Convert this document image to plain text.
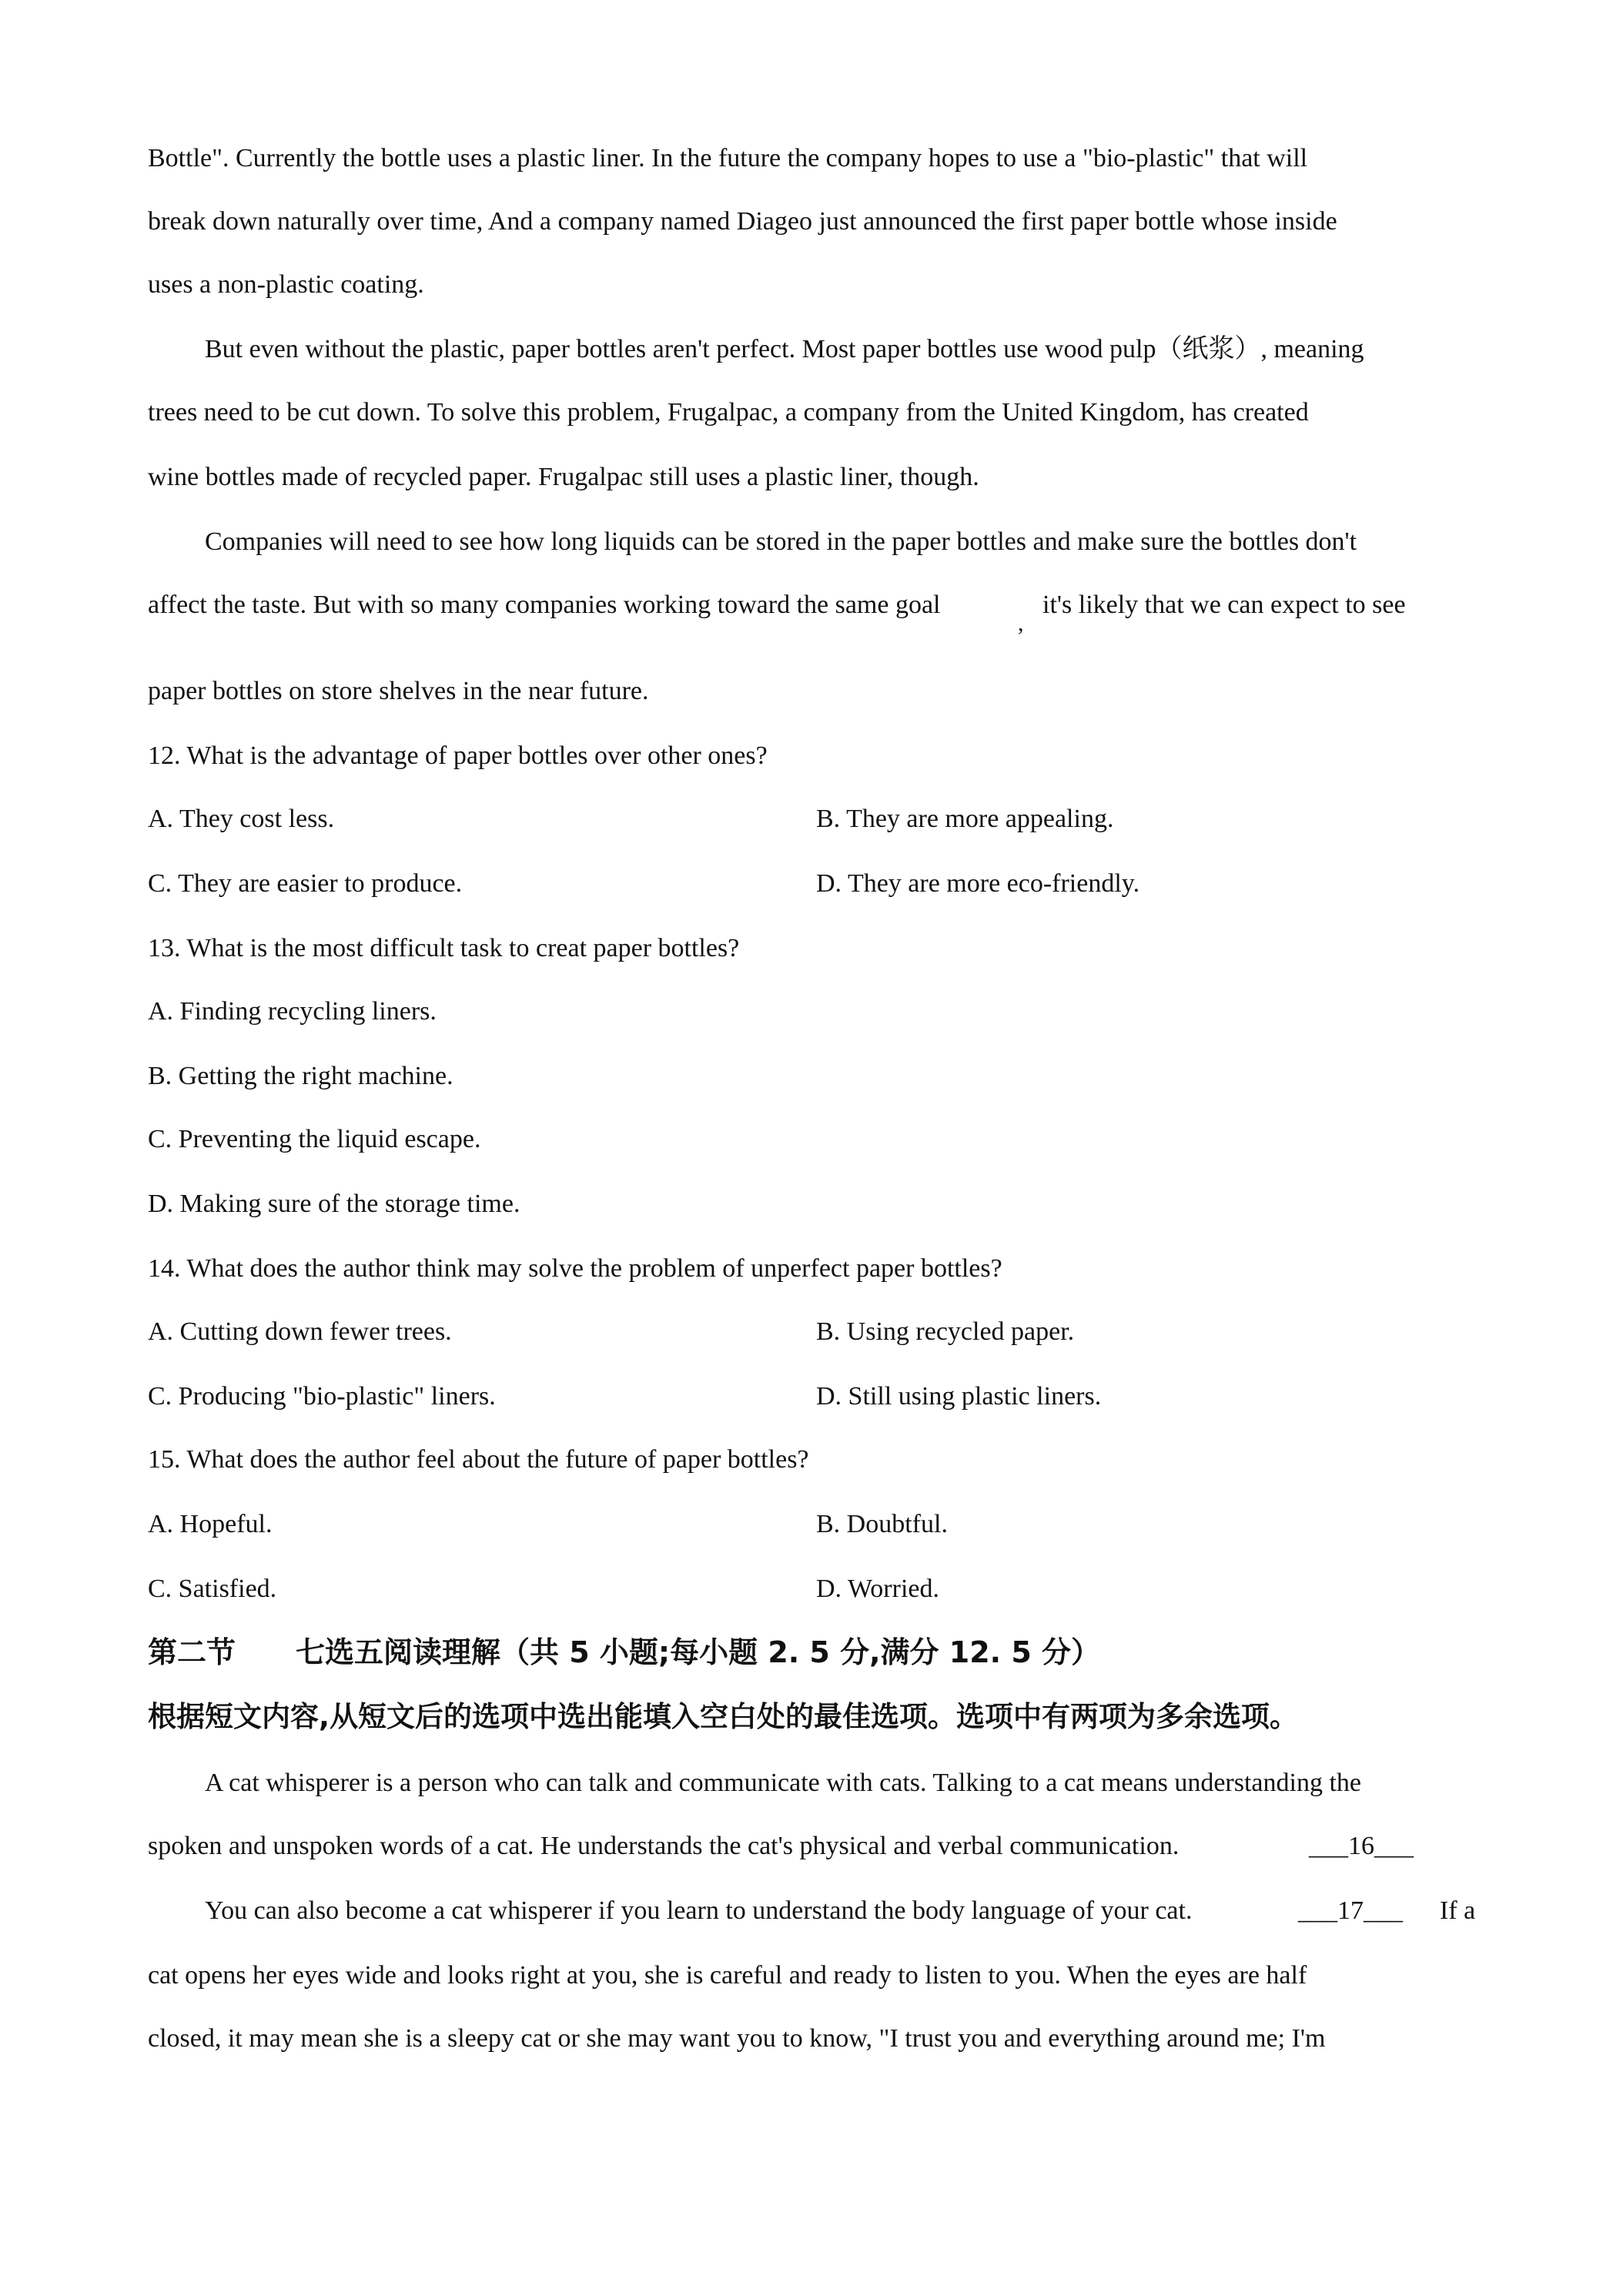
Bottle". Currently the bottle uses a plastic liner. In the future the company hopes to use a "bio-plastic" that will
break down naturally over time, And a company named Diageo just announced the first paper bottle whose inside
uses a non-plastic coating.
But even without the plastic, paper bottles aren't perfect. Most paper bottles use wood pulp（纸浆）, meaning
trees need to be cut down. To solve this problem, Frugalpac, a company from the United Kingdom, has created
wine bottles made of recycled paper. Frugalpac still uses a plastic liner, though.
Companies will need to see how long liquids can be stored in the paper bottles and make sure the bottles don't
affect the taste. But with so many companies working toward the same goal
,
it's likely that we can expect to see
paper bottles on store shelves in the near future.
12. What is the advantage of paper bottles over other ones?
A. They cost less.	B. They are more appealing.
C. They are easier to produce.	D. They are more eco-friendly.
13. What is the most difficult task to creat paper bottles?
A. Finding recycling liners.
B. Getting the right machine.
C. Preventing the liquid escape.
D. Making sure of the storage time.
14. What does the author think may solve the problem of unperfect paper bottles?
A. Cutting down fewer trees.	B. Using recycled paper.
C. Producing "bio-plastic" liners.	D. Still using plastic liners.
15. What does the author feel about the future of paper bottles?
A. Hopeful.	B. Doubtful.
C. Satisfied.	D. Worried.
第二节 七选五阅读理解（共 5 小题;每小题 2. 5 分,满分 12. 5 分）
根据短文内容,从短文后的选项中选出能填入空白处的最佳选项。选项中有两项为多余选项。
A cat whisperer is a person who can talk and communicate with cats. Talking to a cat means understanding the
spoken and unspoken words of a cat. He understands the cat's physical and verbal communication.	___16___
You can also become a cat whisperer if you learn to understand the body language of your cat.	___17___ If a
cat opens her eyes wide and looks right at you, she is careful and ready to listen to you. When the eyes are half
closed, it may mean she is a sleepy cat or she may want you to know, "I trust you and everything around me; I'm
